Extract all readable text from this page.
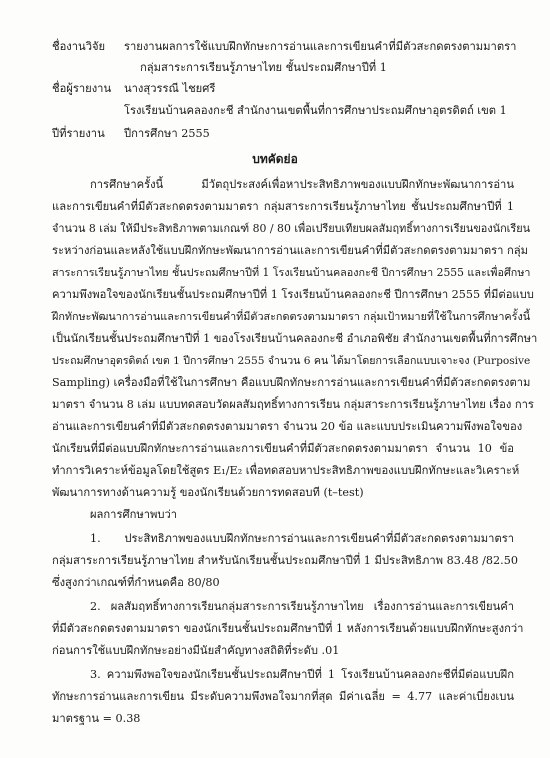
ชื่องานวิจัย รายงานผลการใช้แบบฝึกทักษะการอ่านและการเขียนคำที่มีตัวสะกดตรงตามมาตรา
กลุ่มสาระการเรียนรู้ภาษาไทย ชั้นประถมศึกษาปีที่ 1
ชื่อผู้รายงาน นางสุวรรณี ไชยศรี
โรงเรียนบ้านคลองกะชี สำนักงานเขตพื้นที่การศึกษาประถมศึกษาอุตรดิตถ์ เขต 1
ปีที่รายงาน ปีการศึกษา 2555
บทคัดย่อ
การศึกษาครั้งนี้ มีวัตถุประสงค์เพื่อหาประสิทธิภาพของแบบฝึกทักษะพัฒนาการอ่าน
และการเขียนคำที่มีตัวสะกดตรงตามมาตรา กลุ่มสาระการเรียนรู้ภาษาไทย ชั้นประถมศึกษาปีที่ 1
จำนวน 8 เล่ม ให้มีประสิทธิภาพตามเกณฑ์ 80 / 80 เพื่อเปรียบเทียบผลสัมฤทธิ์ทางการเรียนของนักเรียน
ระหว่างก่อนและหลังใช้แบบฝึกทักษะพัฒนาการอ่านและการเขียนคำที่มีตัวสะกดตรงตามมาตรา กลุ่ม
สาระการเรียนรู้ภาษาไทย ชั้นประถมศึกษาปีที่ 1 โรงเรียนบ้านคลองกะชี ปีการศึกษา 2555 และเพื่อศึกษา
ความพึงพอใจของนักเรียนชั้นประถมศึกษาปีที่ 1 โรงเรียนบ้านคลองกะชี ปีการศึกษา 2555 ที่มีต่อแบบ
ฝึกทักษะพัฒนาการอ่านและการเขียนคำที่มีตัวสะกดตรงตามมาตรา กลุ่มเป้าหมายที่ใช้ในการศึกษาครั้งนี้
เป็นนักเรียนชั้นประถมศึกษาปีที่ 1 ของโรงเรียนบ้านคลองกะชี อำเภอพิชัย สำนักงานเขตพื้นที่การศึกษา
ประถมศึกษาอุตรดิตถ์ เขต 1 ปีการศึกษา 2555 จำนวน 6 คน ได้มาโดยการเลือกแบบเจาะจง (Purposive
Sampling) เครื่องมือที่ใช้ในการศึกษา คือแบบฝึกทักษะการอ่านและการเขียนคำที่มีตัวสะกดตรงตาม
มาตรา จำนวน 8 เล่ม แบบทดสอบวัดผลสัมฤทธิ์ทางการเรียน กลุ่มสาระการเรียนรู้ภาษาไทย เรื่อง การ
อ่านและการเขียนคำที่มีตัวสะกดตรงตามมาตรา จำนวน 20 ข้อ และแบบประเมินความพึงพอใจของ
นักเรียนที่มีต่อแบบฝึกทักษะการอ่านและการเขียนคำที่มีตัวสะกดตรงตามมาตรา จำนวน 10 ข้อ
ทำการวิเคราะห์ข้อมูลโดยใช้สูตร E₁/E₂ เพื่อทดสอบหาประสิทธิภาพของแบบฝึกทักษะและวิเคราะห์
พัฒนาการทางด้านความรู้ ของนักเรียนด้วยการทดสอบที (t–test)
ผลการศึกษาพบว่า
1. ประสิทธิภาพของแบบฝึกทักษะการอ่านและการเขียนคำที่มีตัวสะกดตรงตามมาตรา
กลุ่มสาระการเรียนรู้ภาษาไทย สำหรับนักเรียนชั้นประถมศึกษาปีที่ 1 มีประสิทธิภาพ 83.48 /82.50
ซึ่งสูงกว่าเกณฑ์ที่กำหนดคือ 80/80
2. ผลสัมฤทธิ์ทางการเรียนกลุ่มสาระการเรียนรู้ภาษาไทย เรื่องการอ่านและการเขียนคำ
ที่มีตัวสะกดตรงตามมาตรา ของนักเรียนชั้นประถมศึกษาปีที่ 1 หลังการเรียนด้วยแบบฝึกทักษะสูงกว่า
ก่อนการใช้แบบฝึกทักษะอย่างมีนัยสำคัญทางสถิติที่ระดับ .01
3. ความพึงพอใจของนักเรียนชั้นประถมศึกษาปีที่ 1 โรงเรียนบ้านคลองกะชีที่มีต่อแบบฝึก
ทักษะการอ่านและการเขียน มีระดับความพึงพอใจมากที่สุด มีค่าเฉลี่ย = 4.77 และค่าเบี่ยงเบน
มาตรฐาน = 0.38
